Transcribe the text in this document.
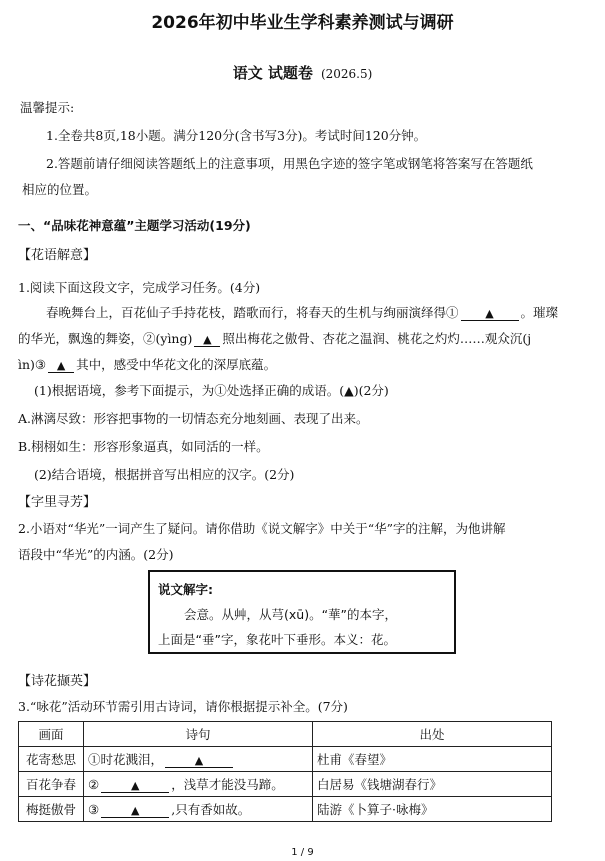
2026年初中毕业生学科素养测试与调研
语文 试题卷 (2026.5)
温馨提示:
1.全卷共8页,18小题。满分120分(含书写3分)。考试时间120分钟。
2.答题前请仔细阅读答题纸上的注意事项，用黑色字迹的签字笔或钢笔将答案写在答题纸
相应的位置。
一、“品味花神意蕴”主题学习活动(19分)
【花语解意】
1.阅读下面这段文字，完成学习任务。(4分)
春晚舞台上，百花仙子手持花枝，踏歌而行，将春天的生机与绚丽演绎得① ▲ 。璀璨
的华光，飘逸的舞姿，②(yìng) ▲ 照出梅花之傲骨、杏花之温润、桃花之灼灼……观众沉(j
ìn)③ ▲ 其中，感受中华花文化的深厚底蕴。
(1)根据语境，参考下面提示，为①处选择正确的成语。(▲)(2分)
A.淋漓尽致：形容把事物的一切情态充分地刻画、表现了出来。
B.栩栩如生：形容形象逼真，如同活的一样。
(2)结合语境，根据拼音写出相应的汉字。(2分)
【字里寻芳】
2.小语对“华光”一词产生了疑问。请你借助《说文解字》中关于“华”字的注解，为他讲解
语段中“华光”的内涵。(2分)
说文解字:
会意。从艸，从芎(xū)。“華”的本字，
上面是“垂”字，象花叶下垂形。本义：花。
【诗花撷英】
3.“咏花”活动环节需引用古诗词，请你根据提示补全。(7分)
画面	诗句	出处
花寄愁思	①时花溅泪， ▲	杜甫《春望》
百花争春	② ▲ ，浅草才能没马蹄。	白居易《钱塘湖春行》
梅挺傲骨	③ ▲ ,只有香如故。	陆游《卜算子·咏梅》
1 / 9
